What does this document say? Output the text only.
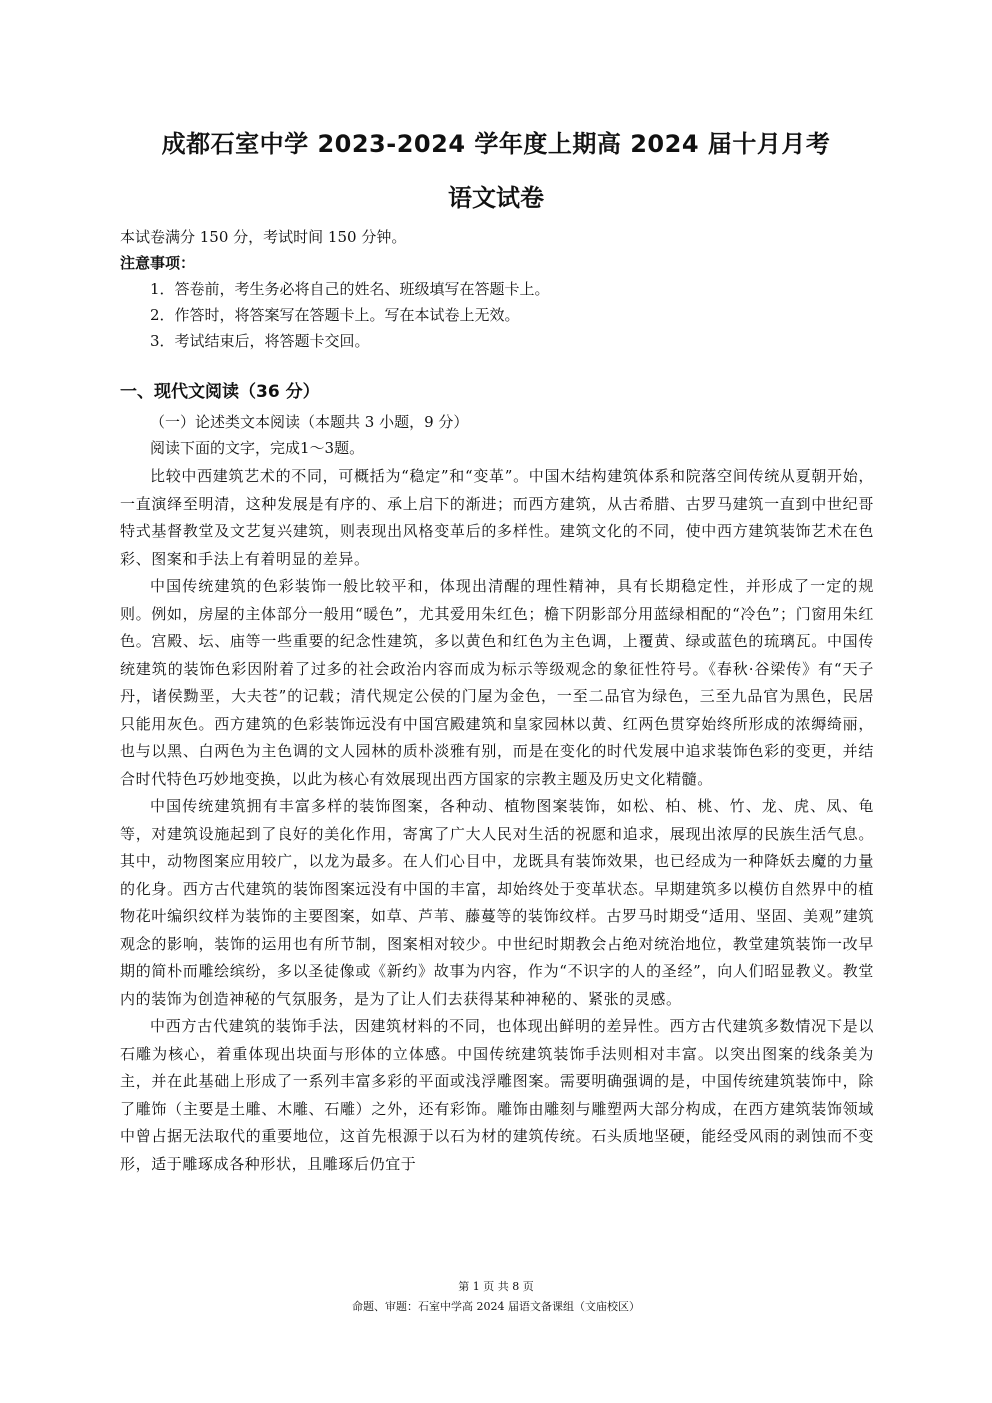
成都石室中学 2023-2024 学年度上期高 2024 届十月月考
语文试卷
本试卷满分 150 分，考试时间 150 分钟。
注意事项：
1．答卷前，考生务必将自己的姓名、班级填写在答题卡上。
2．作答时，将答案写在答题卡上。写在本试卷上无效。
3．考试结束后，将答题卡交回。
一、现代文阅读（36 分）
（一）论述类文本阅读（本题共 3 小题，9 分）
阅读下面的文字，完成1～3题。

比较中西建筑艺术的不同，可概括为“稳定”和“变革”。中国木结构建筑体系和院落空间传统从夏朝开始，一直演绎至明清，这种发展是有序的、承上启下的渐进；而西方建筑，从古希腊、古罗马建筑一直到中世纪哥特式基督教堂及文艺复兴建筑，则表现出风格变革后的多样性。建筑文化的不同，使中西方建筑装饰艺术在色彩、图案和手法上有着明显的差异。

中国传统建筑的色彩装饰一般比较平和，体现出清醒的理性精神，具有长期稳定性，并形成了一定的规则。例如，房屋的主体部分一般用“暖色”，尤其爱用朱红色；檐下阴影部分用蓝绿相配的“冷色”；门窗用朱红色。宫殿、坛、庙等一些重要的纪念性建筑，多以黄色和红色为主色调，上覆黄、绿或蓝色的琉璃瓦。中国传统建筑的装饰色彩因附着了过多的社会政治内容而成为标示等级观念的象征性符号。《春秋·谷梁传》有“天子丹，诸侯黝垩，大夫苍”的记载；清代规定公侯的门屋为金色，一至二品官为绿色，三至九品官为黑色，民居只能用灰色。西方建筑的色彩装饰远没有中国宫殿建筑和皇家园林以黄、红两色贯穿始终所形成的浓缛绮丽，也与以黑、白两色为主色调的文人园林的质朴淡雅有别，而是在变化的时代发展中追求装饰色彩的变更，并结合时代特色巧妙地变换，以此为核心有效展现出西方国家的宗教主题及历史文化精髓。

中国传统建筑拥有丰富多样的装饰图案，各种动、植物图案装饰，如松、柏、桃、竹、龙、虎、凤、龟等，对建筑设施起到了良好的美化作用，寄寓了广大人民对生活的祝愿和追求，展现出浓厚的民族生活气息。其中，动物图案应用较广，以龙为最多。在人们心目中，龙既具有装饰效果，也已经成为一种降妖去魔的力量的化身。西方古代建筑的装饰图案远没有中国的丰富，却始终处于变革状态。早期建筑多以模仿自然界中的植物花叶编织纹样为装饰的主要图案，如草、芦苇、藤蔓等的装饰纹样。古罗马时期受“适用、坚固、美观”建筑观念的影响，装饰的运用也有所节制，图案相对较少。中世纪时期教会占绝对统治地位，教堂建筑装饰一改早期的简朴而雕绘缤纷，多以圣徒像或《新约》故事为内容，作为“不识字的人的圣经”，向人们昭显教义。教堂内的装饰为创造神秘的气氛服务，是为了让人们去获得某种神秘的、紧张的灵感。

中西方古代建筑的装饰手法，因建筑材料的不同，也体现出鲜明的差异性。西方古代建筑多数情况下是以石雕为核心，着重体现出块面与形体的立体感。中国传统建筑装饰手法则相对丰富。以突出图案的线条美为主，并在此基础上形成了一系列丰富多彩的平面或浅浮雕图案。需要明确强调的是，中国传统建筑装饰中，除了雕饰（主要是土雕、木雕、石雕）之外，还有彩饰。雕饰由雕刻与雕塑两大部分构成，在西方建筑装饰领域中曾占据无法取代的重要地位，这首先根源于以石为材的建筑传统。石头质地坚硬，能经受风雨的剥蚀而不变形，适于雕琢成各种形状，且雕琢后仍宜于

第 1 页 共 8 页
命题、审题：石室中学高 2024 届语文备课组（文庙校区）
